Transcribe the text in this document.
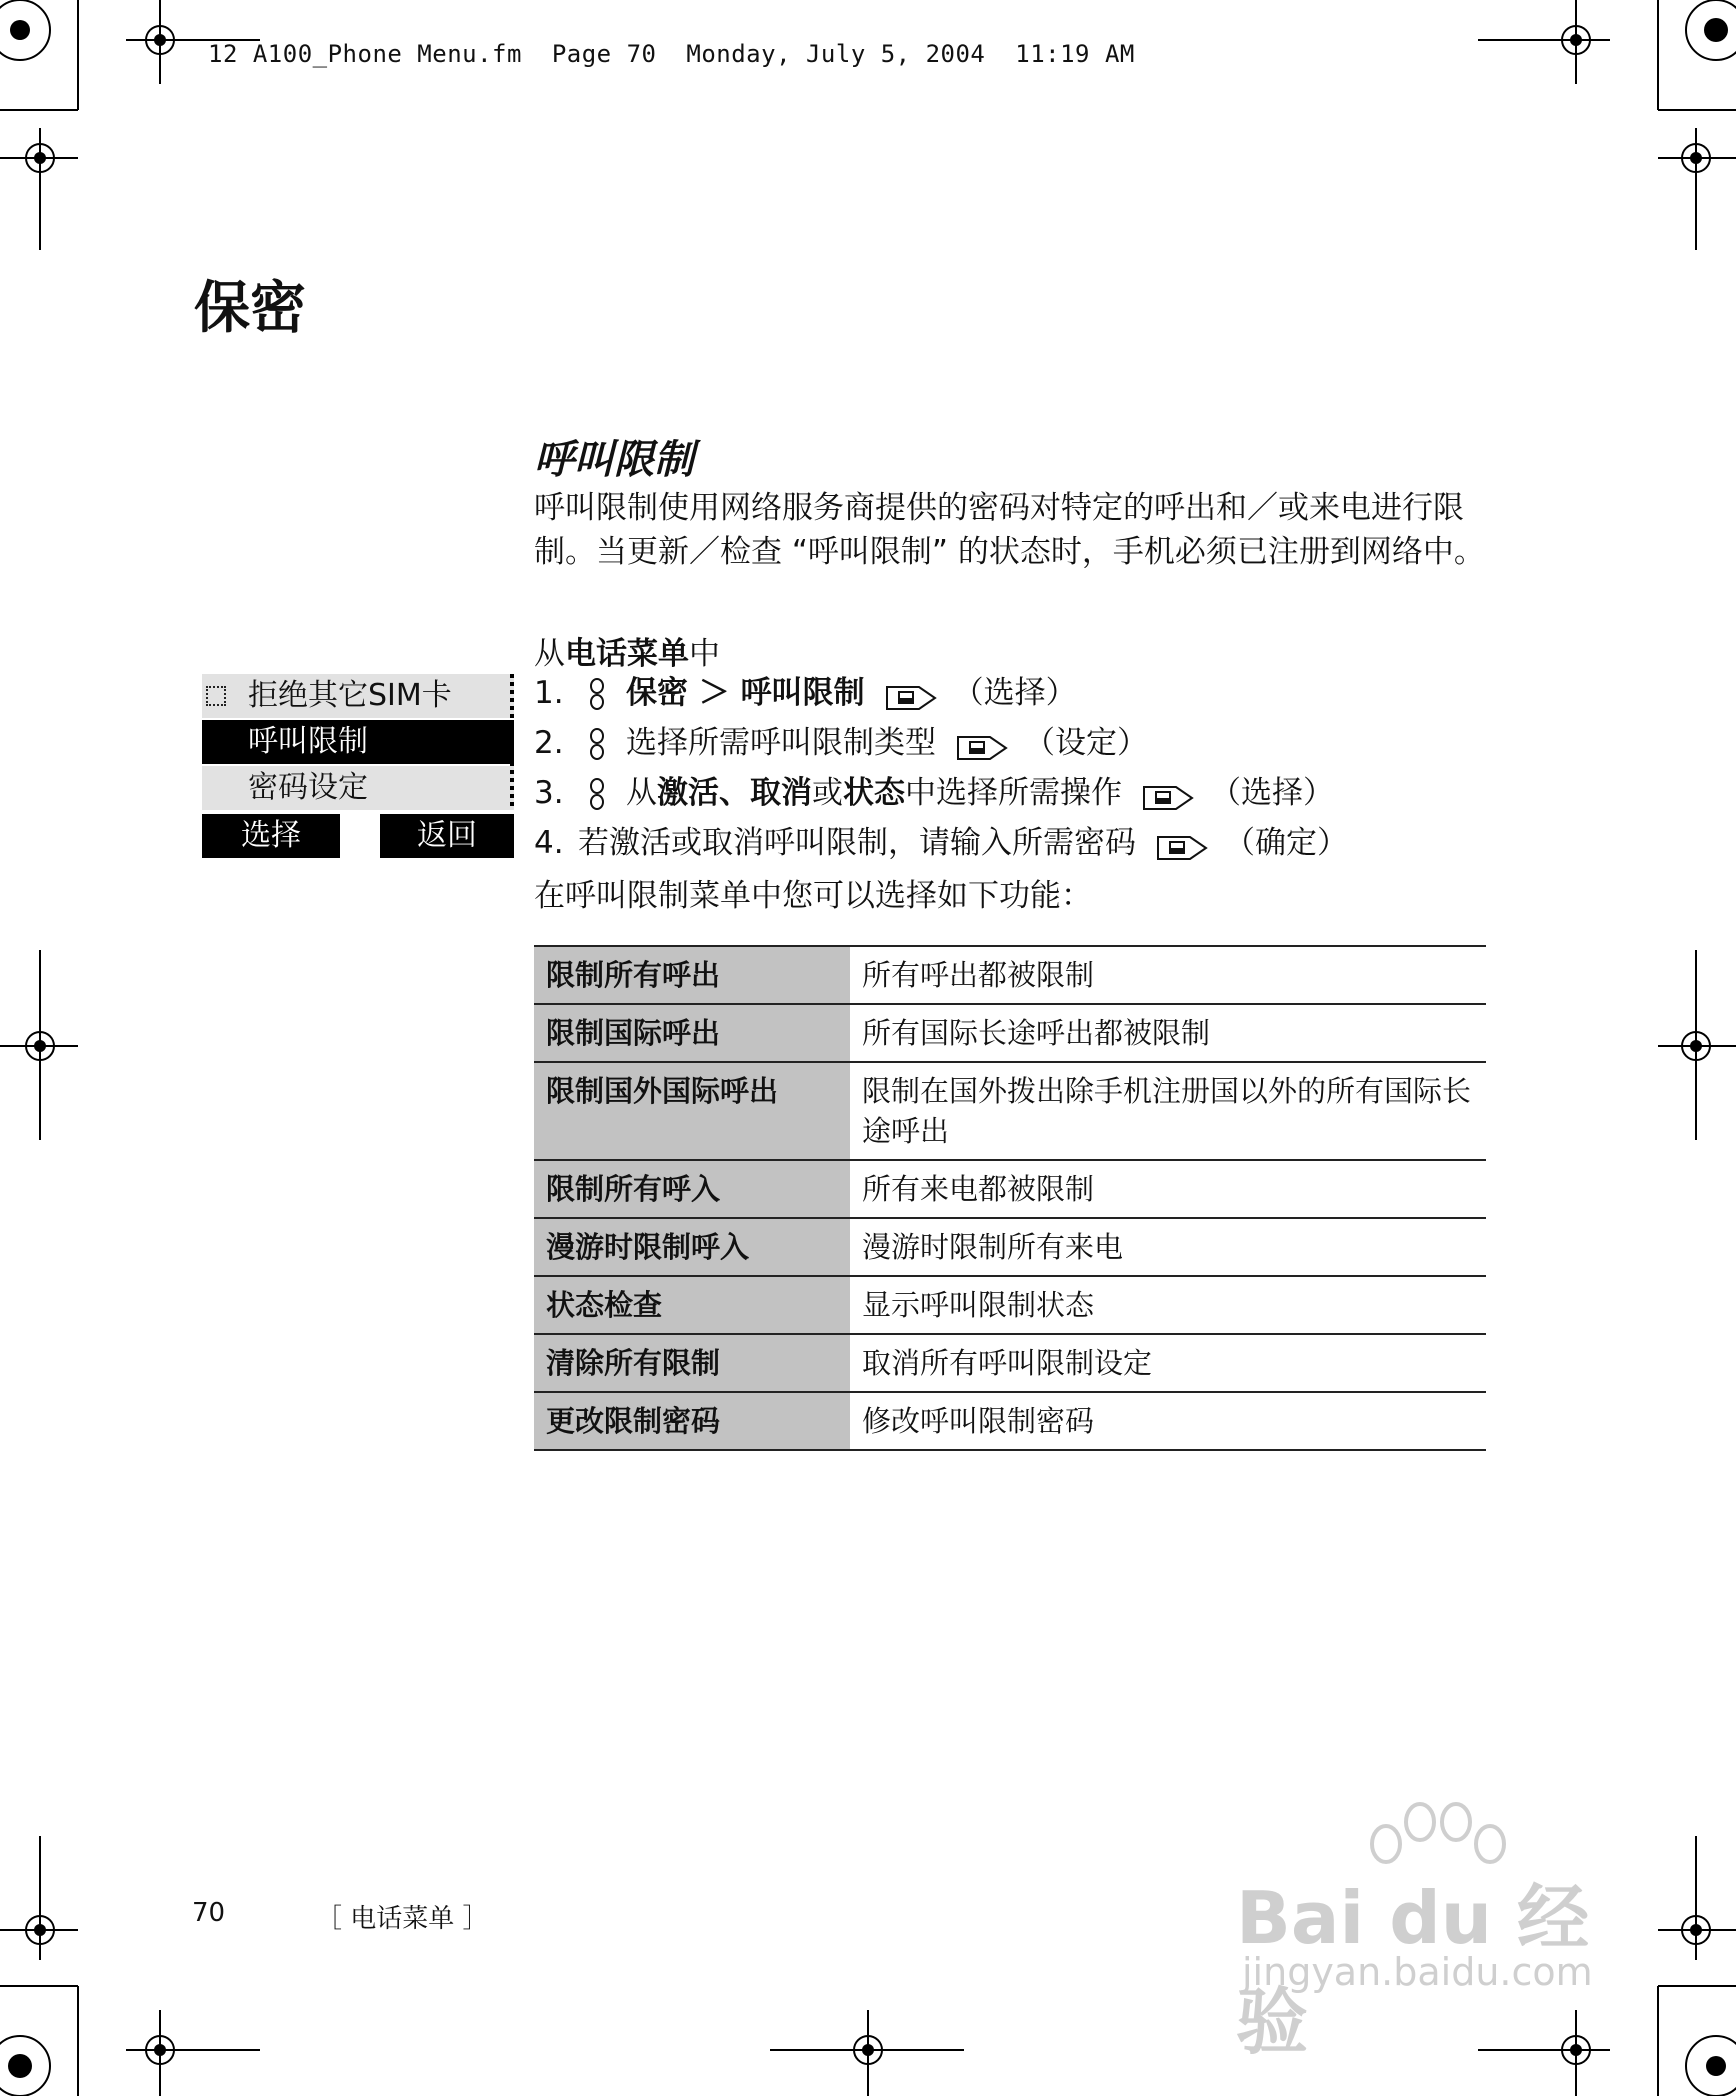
12 A100_Phone Menu.fm  Page 70  Monday, July 5, 2004  11:19 AM
保密
呼叫限制
呼叫限制使用网络服务商提供的密码对特定的呼出和／或来电进行限制。当更新／检查 “呼叫限制” 的状态时，手机必须已注册到网络中。
从电话菜单中
拒绝其它SIM卡
呼叫限制
密码设定
选择	返回
1.	保密 ＞ 呼叫限制	（选择）
2.	选择所需呼叫限制类型	（设定）
3.	从 激活 、 取消 或 状态 中选择所需操作	（选择）
4. 若激活或取消呼叫限制，请输入所需密码	（确定）
在呼叫限制菜单中您可以选择如下功能：
限制所有呼出	所有呼出都被限制
限制国际呼出	所有国际长途呼出都被限制
限制国外国际呼出	限制在国外拨出除手机注册国以外的所有国际长途呼出
限制所有呼入	所有来电都被限制
漫游时限制呼入	漫游时限制所有来电
状态检查	显示呼叫限制状态
清除所有限制	取消所有呼叫限制设定
更改限制密码	修改呼叫限制密码
70	［ 电话菜单 ］	Bai du 经验
jingyan.baidu.com
